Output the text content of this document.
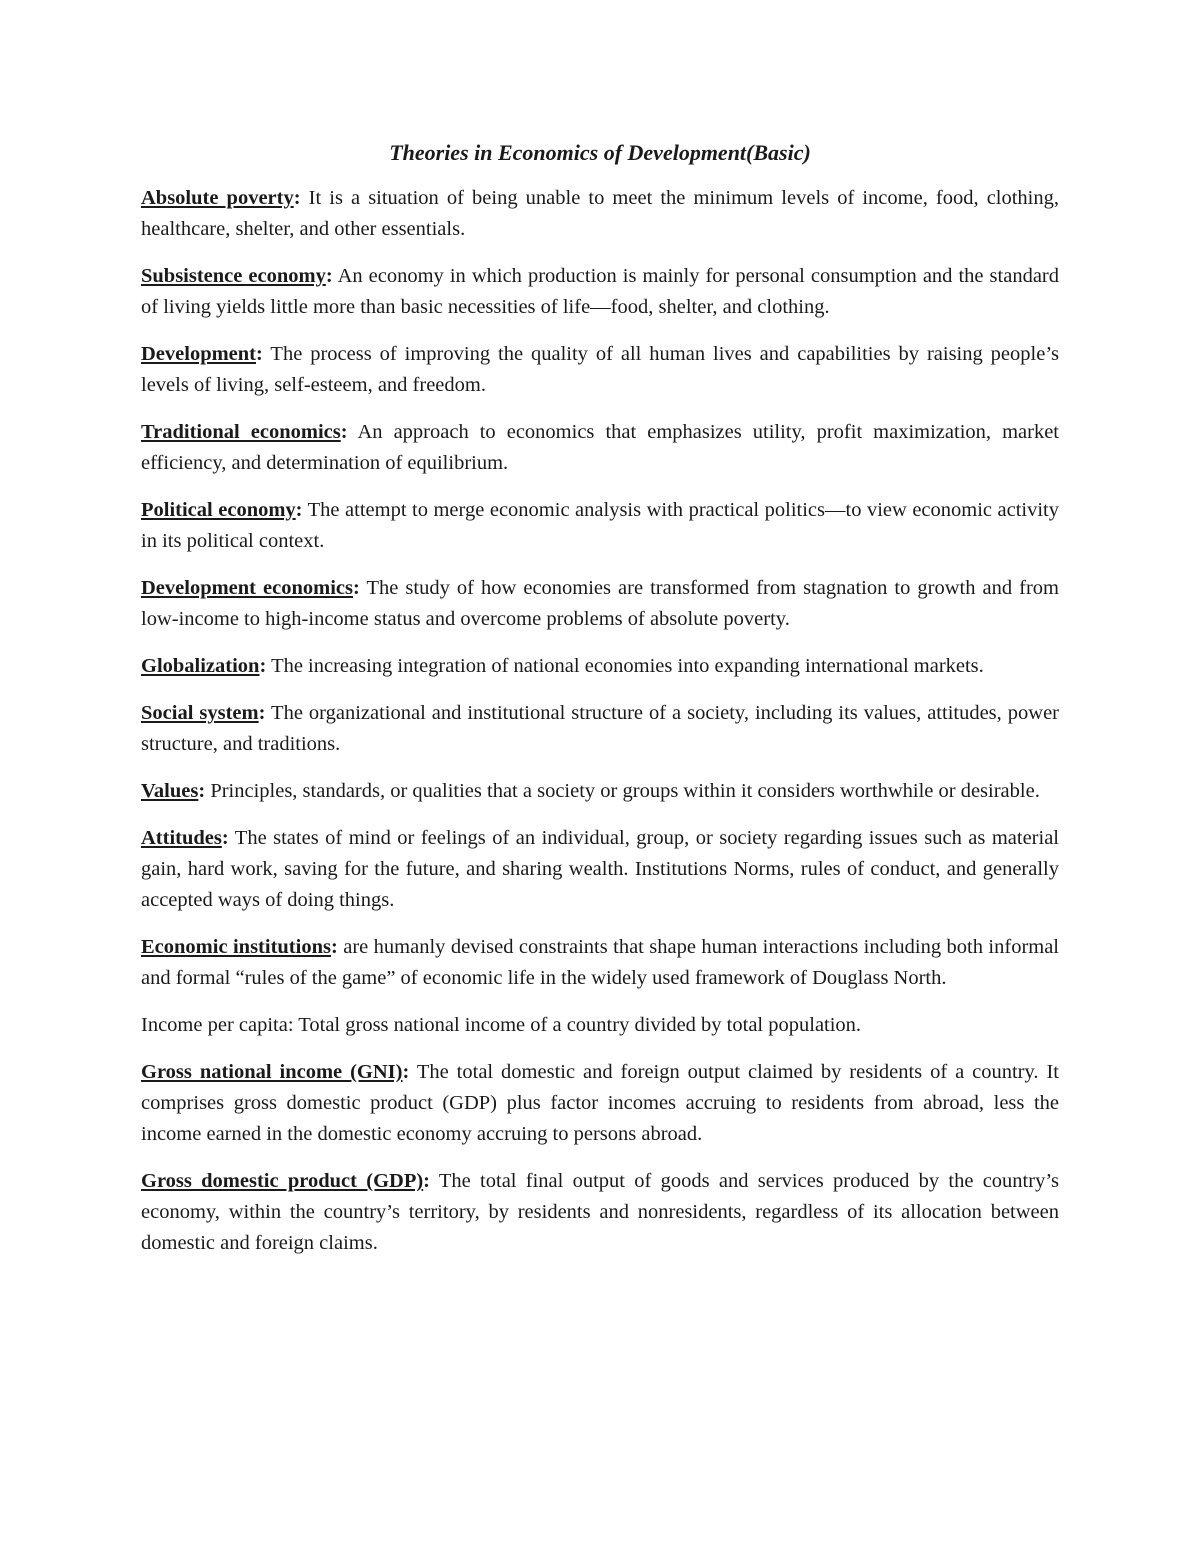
Theories in Economics of Development(Basic)

Absolute poverty: It is a situation of being unable to meet the minimum levels of income, food, clothing, healthcare, shelter, and other essentials.

Subsistence economy: An economy in which production is mainly for personal consumption and the standard of living yields little more than basic necessities of life—food, shelter, and clothing.

Development: The process of improving the quality of all human lives and capabilities by raising people’s levels of living, self-esteem, and freedom.

Traditional economics: An approach to economics that emphasizes utility, profit maximization, market efficiency, and determination of equilibrium.

Political economy: The attempt to merge economic analysis with practical politics—to view economic activity in its political context.

Development economics: The study of how economies are transformed from stagnation to growth and from low-income to high-income status and overcome problems of absolute poverty.

Globalization: The increasing integration of national economies into expanding international markets.

Social system: The organizational and institutional structure of a society, including its values, attitudes, power structure, and traditions.

Values: Principles, standards, or qualities that a society or groups within it considers worthwhile or desirable.

Attitudes: The states of mind or feelings of an individual, group, or society regarding issues such as material gain, hard work, saving for the future, and sharing wealth. Institutions Norms, rules of conduct, and generally accepted ways of doing things.

Economic institutions: are humanly devised constraints that shape human interactions including both informal and formal “rules of the game” of economic life in the widely used framework of Douglass North.

Income per capita: Total gross national income of a country divided by total population.

Gross national income (GNI): The total domestic and foreign output claimed by residents of a country. It comprises gross domestic product (GDP) plus factor incomes accruing to residents from abroad, less the income earned in the domestic economy accruing to persons abroad.

Gross domestic product (GDP): The total final output of goods and services produced by the country’s economy, within the country’s territory, by residents and nonresidents, regardless of its allocation between domestic and foreign claims.
